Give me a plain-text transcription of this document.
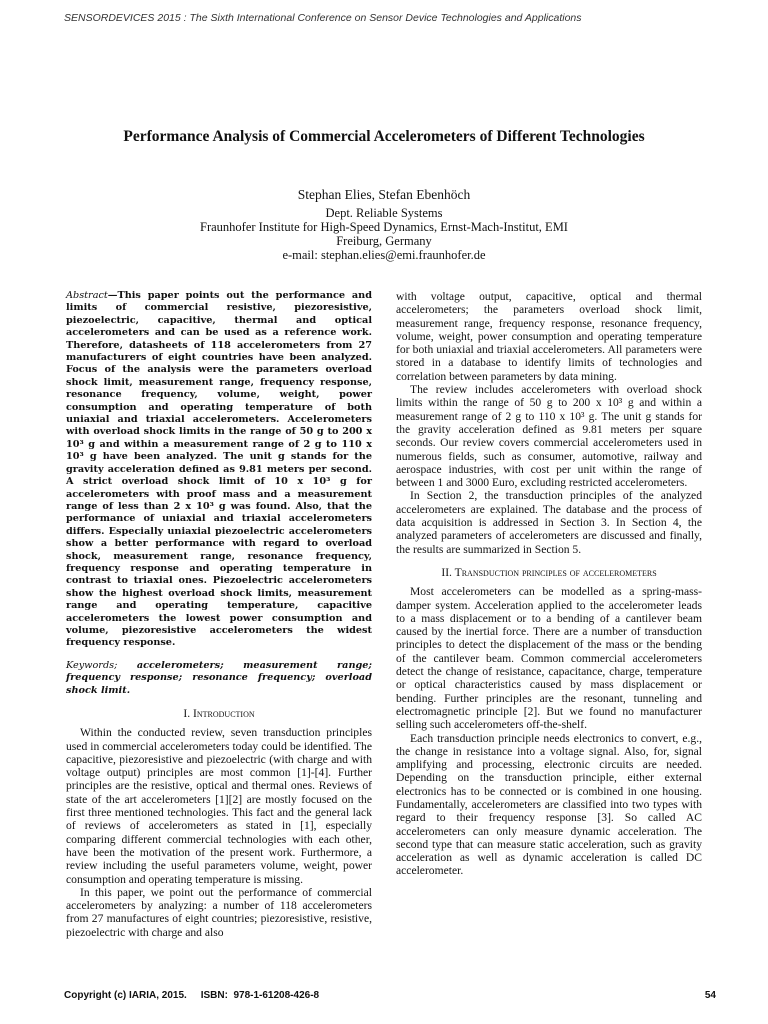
SENSORDEVICES 2015 : The Sixth International Conference on Sensor Device Technologies and Applications
Performance Analysis of Commercial Accelerometers of Different Technologies
Stephan Elies, Stefan Ebenhöch
Dept. Reliable Systems
Fraunhofer Institute for High-Speed Dynamics, Ernst-Mach-Institut, EMI
Freiburg, Germany
e-mail: stephan.elies@emi.fraunhofer.de

Abstract—This paper points out the performance and limits of commercial resistive, piezoresistive, piezoelectric, capacitive, thermal and optical accelerometers and can be used as a reference work. Therefore, datasheets of 118 accelerometers from 27 manufacturers of eight countries have been analyzed. Focus of the analysis were the parameters overload shock limit, measurement range, frequency response, resonance frequency, volume, weight, power consumption and operating temperature of both uniaxial and triaxial accelerometers. Accelerometers with overload shock limits in the range of 50 g to 200 x 10³ g and within a measurement range of 2 g to 110 x 10³ g have been analyzed. The unit g stands for the gravity acceleration defined as 9.81 meters per second. A strict overload shock limit of 10 x 10³ g for accelerometers with proof mass and a measurement range of less than 2 x 10³ g was found. Also, that the performance of uniaxial and triaxial accelerometers differs. Especially uniaxial piezoelectric accelerometers show a better performance with regard to overload shock, measurement range, resonance frequency, frequency response and operating temperature in contrast to triaxial ones. Piezoelectric accelerometers show the highest overload shock limits, measurement range and operating temperature, capacitive accelerometers the lowest power consumption and volume, piezoresistive accelerometers the widest frequency response.

Keywords; accelerometers; measurement range; frequency response; resonance frequency; overload shock limit.

I. Introduction

Within the conducted review, seven transduction principles used in commercial accelerometers today could be identified. The capacitive, piezoresistive and piezoelectric (with charge and with voltage output) principles are most common [1]-[4]. Further principles are the resistive, optical and thermal ones. Reviews of state of the art accelerometers [1][2] are mostly focused on the first three mentioned technologies. This fact and the general lack of reviews of accelerometers as stated in [1], especially comparing different commercial technologies with each other, have been the motivation of the present work. Furthermore, a review including the useful parameters volume, weight, power consumption and operating temperature is missing.

In this paper, we point out the performance of commercial accelerometers by analyzing: a number of 118 accelerometers from 27 manufactures of eight countries; piezoresistive, resistive, piezoelectric with charge and also

with voltage output, capacitive, optical and thermal accelerometers; the parameters overload shock limit, measurement range, frequency response, resonance frequency, volume, weight, power consumption and operating temperature for both uniaxial and triaxial accelerometers. All parameters were stored in a database to identify limits of technologies and correlation between parameters by data mining.

The review includes accelerometers with overload shock limits within the range of 50 g to 200 x 10³ g and within a measurement range of 2 g to 110 x 10³ g. The unit g stands for the gravity acceleration defined as 9.81 meters per square seconds. Our review covers commercial accelerometers used in numerous fields, such as consumer, automotive, railway and aerospace industries, with cost per unit within the range of between 1 and 3000 Euro, excluding restricted accelerometers.

In Section 2, the transduction principles of the analyzed accelerometers are explained. The database and the process of data acquisition is addressed in Section 3. In Section 4, the analyzed parameters of accelerometers are discussed and finally, the results are summarized in Section 5.

II. Transduction principles of accelerometers

Most accelerometers can be modelled as a spring-mass-damper system. Acceleration applied to the accelerometer leads to a mass displacement or to a bending of a cantilever beam caused by the inertial force. There are a number of transduction principles to detect the displacement of the mass or the bending of the cantilever beam. Common commercial accelerometers detect the change of resistance, capacitance, charge, temperature or optical characteristics caused by mass displacement or bending. Further principles are the resonant, tunneling and electromagnetic principle [2]. But we found no manufacturer selling such accelerometers off-the-shelf.

Each transduction principle needs electronics to convert, e.g., the change in resistance into a voltage signal. Also, for, signal amplifying and processing, electronic circuits are needed. Depending on the transduction principle, either external electronics has to be connected or is combined in one housing. Fundamentally, accelerometers are classified into two types with regard to their frequency response [3]. So called AC accelerometers can only measure dynamic acceleration. The second type that can measure static acceleration, such as gravity acceleration as well as dynamic acceleration is called DC accelerometer.

Copyright (c) IARIA, 2015.     ISBN:  978-1-61208-426-8	54
